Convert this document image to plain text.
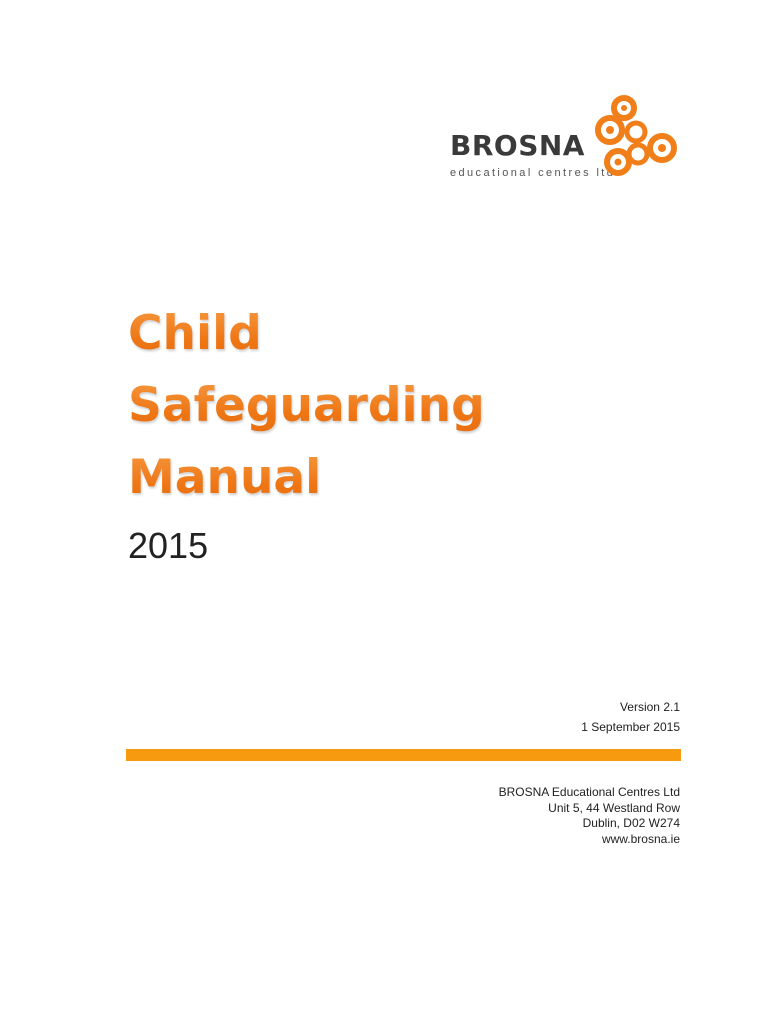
BROSNA
educational centres ltd
Child
Safeguarding
Manual
2015
Version 2.1
1 September 2015
BROSNA Educational Centres Ltd
Unit 5, 44 Westland Row
Dublin, D02 W274
www.brosna.ie
